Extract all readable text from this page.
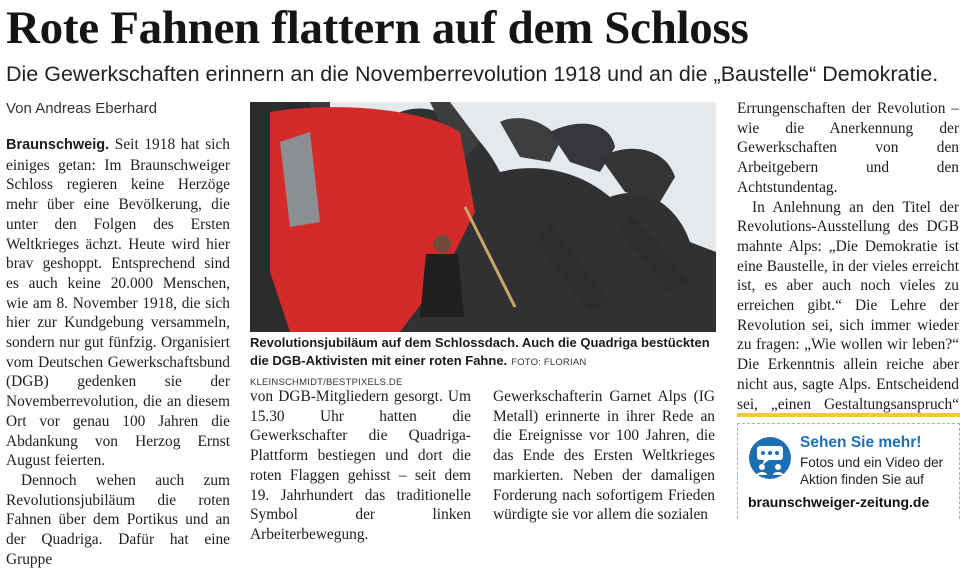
Rote Fahnen flattern auf dem Schloss
Die Gewerkschaften erinnern an die Novemberrevolution 1918 und an die „Baustelle“ Demokratie.
Von Andreas Eberhard

Braunschweig. Seit 1918 hat sich einiges getan: Im Braunschweiger Schloss regieren keine Herzöge mehr über eine Bevölkerung, die unter den Folgen des Ersten Weltkrieges ächzt. Heute wird hier brav geshoppt. Entsprechend sind es auch keine 20.000 Menschen, wie am 8. November 1918, die sich hier zur Kundgebung versammeln, sondern nur gut fünfzig. Organisiert vom Deutschen Gewerkschaftsbund (DGB) gedenken sie der Novemberrevolution, die an diesem Ort vor genau 100 Jahren die Abdankung von Herzog Ernst August feierten.

Dennoch wehen auch zum Revolutionsjubiläum die roten Fahnen über dem Portikus und an der Quadriga. Dafür hat eine Gruppe

Revolutionsjubiläum auf dem Schlossdach. Auch die Quadriga bestückten die DGB-Aktivisten mit einer roten Fahne. FOTO: FLORIAN KLEINSCHMIDT/BESTPIXELS.DE

von DGB-Mitgliedern gesorgt. Um 15.30 Uhr hatten die Gewerkschafter die Quadriga-Plattform bestiegen und dort die roten Flaggen gehisst – seit dem 19. Jahrhundert das traditionelle Symbol der linken Arbeiterbewegung.

Gewerkschafterin Garnet Alps (IG Metall) erinnerte in ihrer Rede an die Ereignisse vor 100 Jahren, die das Ende des Ersten Weltkrieges markierten. Neben der damaligen Forderung nach sofortigem Frieden würdigte sie vor allem die sozialen

Errungenschaften der Revolution – wie die Anerkennung der Gewerkschaften von den Arbeitgebern und den Achtstundentag.

In Anlehnung an den Titel der Revolutions-Ausstellung des DGB mahnte Alps: „Die Demokratie ist eine Baustelle, in der vieles erreicht ist, es aber auch noch vieles zu erreichen gibt.“ Die Lehre der Revolution sei, sich immer wieder zu fragen: „Wie wollen wir leben?“ Die Erkenntnis allein reiche aber nicht aus, sagte Alps. Entscheidend sei, „einen Gestaltungsanspruch“

Sehen Sie mehr!
Fotos und ein Video der Aktion finden Sie auf
braunschweiger-zeitung.de
